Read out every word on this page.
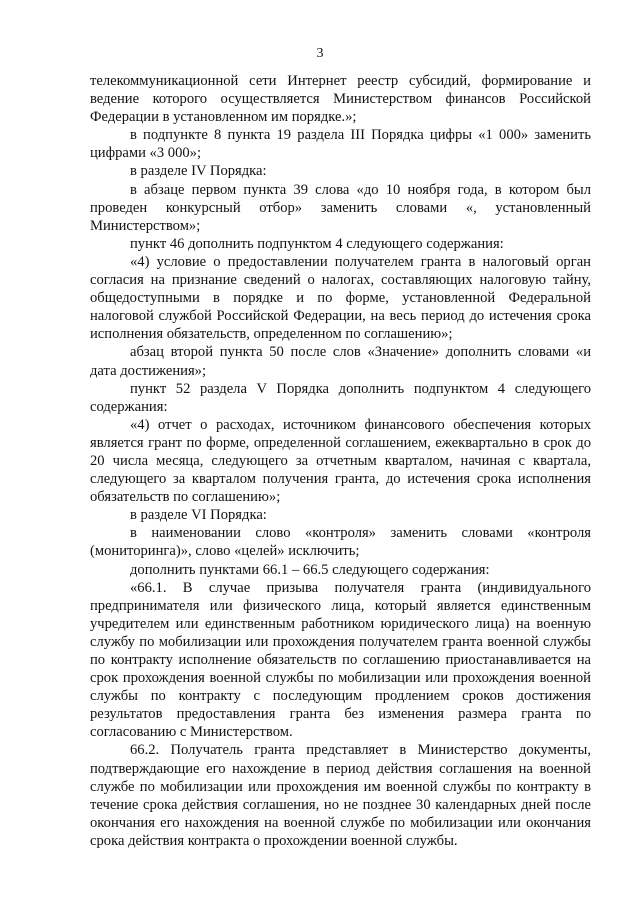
3

телекоммуникационной сети Интернет реестр субсидий, формирование и ведение которого осуществляется Министерством финансов Российской Федерации в установленном им порядке.»;

в подпункте 8 пункта 19 раздела III Порядка цифры «1 000» заменить цифрами «3 000»;

в разделе IV Порядка:

в абзаце первом пункта 39 слова «до 10 ноября года, в котором был проведен конкурсный отбор» заменить словами «, установленный Министерством»;

пункт 46 дополнить подпунктом 4 следующего содержания:

«4) условие о предоставлении получателем гранта в налоговый орган согласия на признание сведений о налогах, составляющих налоговую тайну, общедоступными в порядке и по форме, установленной Федеральной налоговой службой Российской Федерации, на весь период до истечения срока исполнения обязательств, определенном по соглашению»;

абзац второй пункта 50 после слов «Значение» дополнить словами «и дата достижения»;

пункт 52 раздела V Порядка дополнить подпунктом 4 следующего содержания:

«4) отчет о расходах, источником финансового обеспечения которых является грант по форме, определенной соглашением, ежеквартально в срок до 20 числа месяца, следующего за отчетным кварталом, начиная с квартала, следующего за кварталом получения гранта, до истечения срока исполнения обязательств по соглашению»;

в разделе VI Порядка:

в наименовании слово «контроля» заменить словами «контроля (мониторинга)», слово «целей» исключить;

дополнить пунктами 66.1 – 66.5 следующего содержания:

«66.1. В случае призыва получателя гранта (индивидуального предпринимателя или физического лица, который является единственным учредителем или единственным работником юридического лица) на военную службу по мобилизации или прохождения получателем гранта военной службы по контракту исполнение обязательств по соглашению приостанавливается на срок прохождения военной службы по мобилизации или прохождения военной службы по контракту с последующим продлением сроков достижения результатов предоставления гранта без изменения размера гранта по согласованию с Министерством.

66.2. Получатель гранта представляет в Министерство документы, подтверждающие его нахождение в период действия соглашения на военной службе по мобилизации или прохождения им военной службы по контракту в течение срока действия соглашения, но не позднее 30 календарных дней после окончания его нахождения на военной службе по мобилизации или окончания срока действия контракта о прохождении военной службы.
